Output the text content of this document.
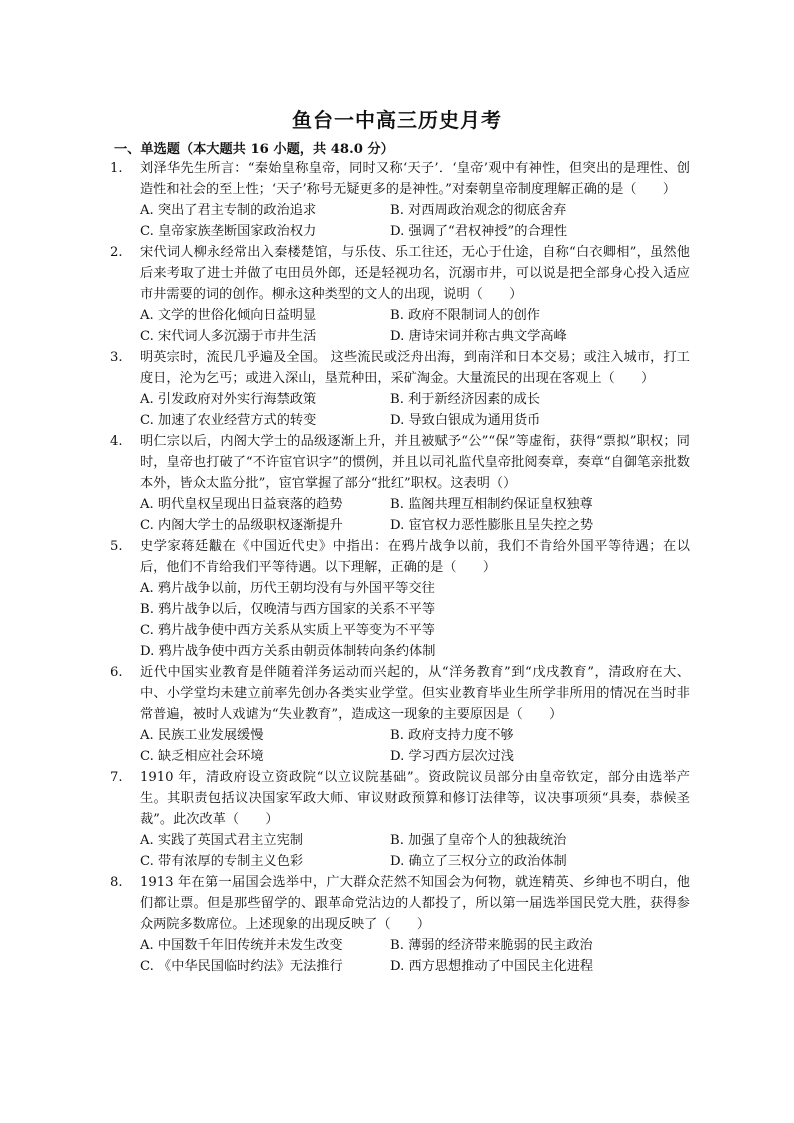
鱼台一中高三历史月考
一、单选题（本大题共 16 小题，共 48.0 分）
1.	刘泽华先生所言：“秦始皇称皇帝，同时又称‘天子’．‘皇帝’观中有神性，但突出的是理性、创造性和社会的至上性；‘天子’称号无疑更多的是神性。”对秦朝皇帝制度理解正确的是（　　）
A. 突出了君主专制的政治追求	B. 对西周政治观念的彻底舍弃
C. 皇帝家族垄断国家政治权力	D. 强调了“君权神授”的合理性
2.	宋代词人柳永经常出入秦楼楚馆，与乐伎、乐工往还，无心于仕途，自称“白衣卿相”，虽然他后来考取了进士并做了屯田员外郎，还是轻视功名，沉溺市井，可以说是把全部身心投入适应市井需要的词的创作。柳永这种类型的文人的出现，说明（　　）
A. 文学的世俗化倾向日益明显	B. 政府不限制词人的创作
C. 宋代词人多沉溺于市井生活	D. 唐诗宋词并称古典文学高峰
3.	明英宗时，流民几乎遍及全国。 这些流民或泛舟出海，到南洋和日本交易；或注入城市，打工度日，沦为乞丐；或进入深山，垦荒种田，采矿淘金。大量流民的出现在客观上（　　）
A. 引发政府对外实行海禁政策	B. 利于新经济因素的成长
C. 加速了农业经营方式的转变	D. 导致白银成为通用货币
4.	明仁宗以后，内阁大学士的品级逐渐上升，并且被赋予“公”“保”等虚衔，获得“票拟”职权；同时，皇帝也打破了“不许宦官识字”的惯例，并且以司礼监代皇帝批阅奏章，奏章“自御笔亲批数本外，皆众太监分批”，宦官掌握了部分“批红”职权。这表明（）
A. 明代皇权呈现出日益衰落的趋势	B. 监阁共理互相制约保证皇权独尊
C. 内阁大学士的品级职权逐渐提升	D. 宦官权力恶性膨胀且呈失控之势
5.	史学家蒋廷黻在《中国近代史》中指出：在鸦片战争以前，我们不肯给外国平等待遇；在以后，他们不肯给我们平等待遇。以下理解，正确的是（　　）
A. 鸦片战争以前，历代王朝均没有与外国平等交往
B. 鸦片战争以后，仅晚清与西方国家的关系不平等
C. 鸦片战争使中西方关系从实质上平等变为不平等
D. 鸦片战争使中西方关系由朝贡体制转向条约体制
6.	近代中国实业教育是伴随着洋务运动而兴起的，从“洋务教育”到“戊戌教育”，清政府在大、中、小学堂均未建立前率先创办各类实业学堂。但实业教育毕业生所学非所用的情况在当时非常普遍，被时人戏谑为“失业教育”，造成这一现象的主要原因是（　　）
A. 民族工业发展缓慢	B. 政府支持力度不够
C. 缺乏相应社会环境	D. 学习西方层次过浅
7.	1910 年，清政府设立资政院“以立议院基础”。资政院议员部分由皇帝钦定，部分由选举产生。其职责包括议决国家军政大师、审议财政预算和修订法律等，议决事项须“具奏，恭候圣裁”。此次改革（　　）
A. 实践了英国式君主立宪制	B. 加强了皇帝个人的独裁统治
C. 带有浓厚的专制主义色彩	D. 确立了三权分立的政治体制
8.	1913 年在第一届国会选举中，广大群众茫然不知国会为何物，就连精英、乡绅也不明白，他们都让票。但是那些留学的、跟革命党沾边的人都投了，所以第一届选举国民党大胜，获得参众两院多数席位。上述现象的出现反映了（　　）
A. 中国数千年旧传统并未发生改变	B. 薄弱的经济带来脆弱的民主政治
C. 《中华民国临时约法》无法推行	D. 西方思想推动了中国民主化进程
